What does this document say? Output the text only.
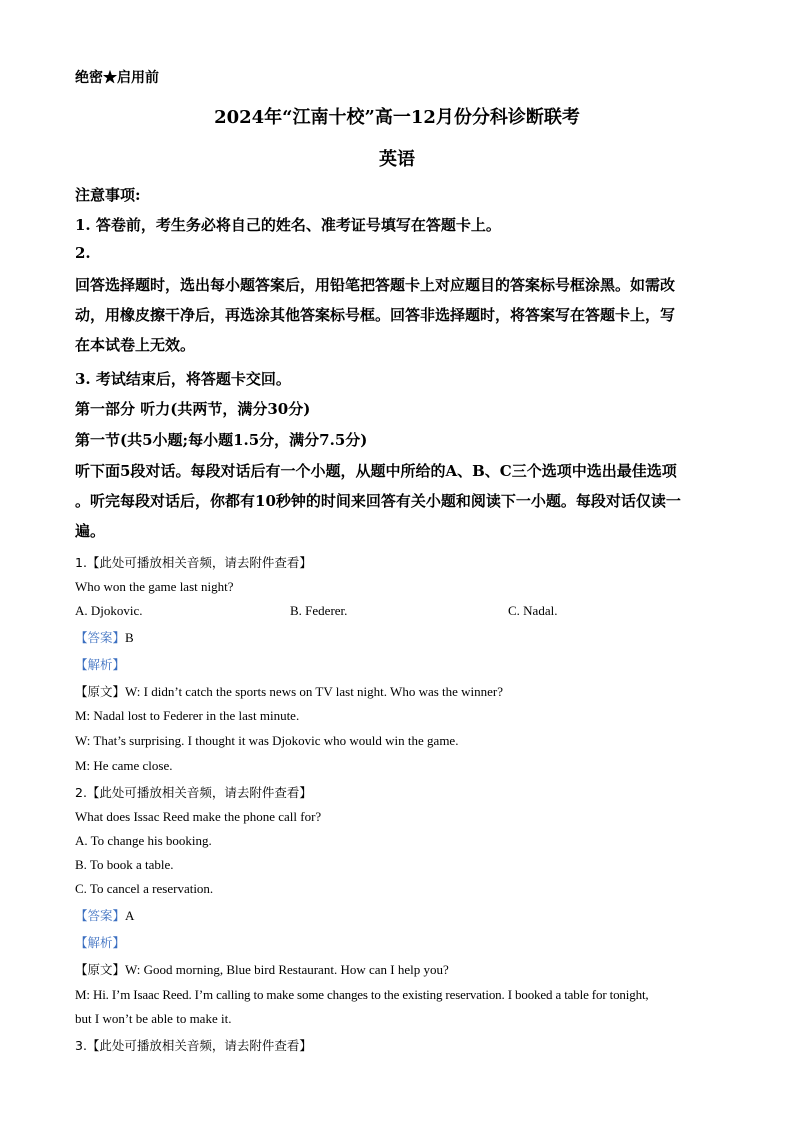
绝密★启用前
2024年“江南十校”高一12月份分科诊断联考
英语
注意事项:
1. 答卷前，考生务必将自己的姓名、准考证号填写在答题卡上。
2.
回答选择题时，选出每小题答案后，用铅笔把答题卡上对应题目的答案标号框涂黑。如需改
动，用橡皮擦干净后，再选涂其他答案标号框。回答非选择题时，将答案写在答题卡上，写
在本试卷上无效。
3. 考试结束后，将答题卡交回。
第一部分 听力(共两节，满分30分)
第一节(共5小题;每小题1.5分，满分7.5分)
听下面5段对话。每段对话后有一个小题，从题中所给的A、B、C三个选项中选出最佳选项
。听完每段对话后，你都有10秒钟的时间来回答有关小题和阅读下一小题。每段对话仅读一
遍。
1.【此处可播放相关音频，请去附件查看】
Who won the game last night?
A. Djokovic.	B. Federer.	C. Nadal.
【答案】B
【解析】
【原文】W: I didn’t catch the sports news on TV last night. Who was the winner?
M: Nadal lost to Federer in the last minute.
W: That’s surprising. I thought it was Djokovic who would win the game.
M: He came close.
2.【此处可播放相关音频，请去附件查看】
What does Issac Reed make the phone call for?
A. To change his booking.
B. To book a table.
C. To cancel a reservation.
【答案】A
【解析】
【原文】W: Good morning, Blue bird Restaurant. How can I help you?
M: Hi. I’m Isaac Reed. I’m calling to make some changes to the existing reservation. I booked a table for tonight,
but I won’t be able to make it.
3.【此处可播放相关音频，请去附件查看】
